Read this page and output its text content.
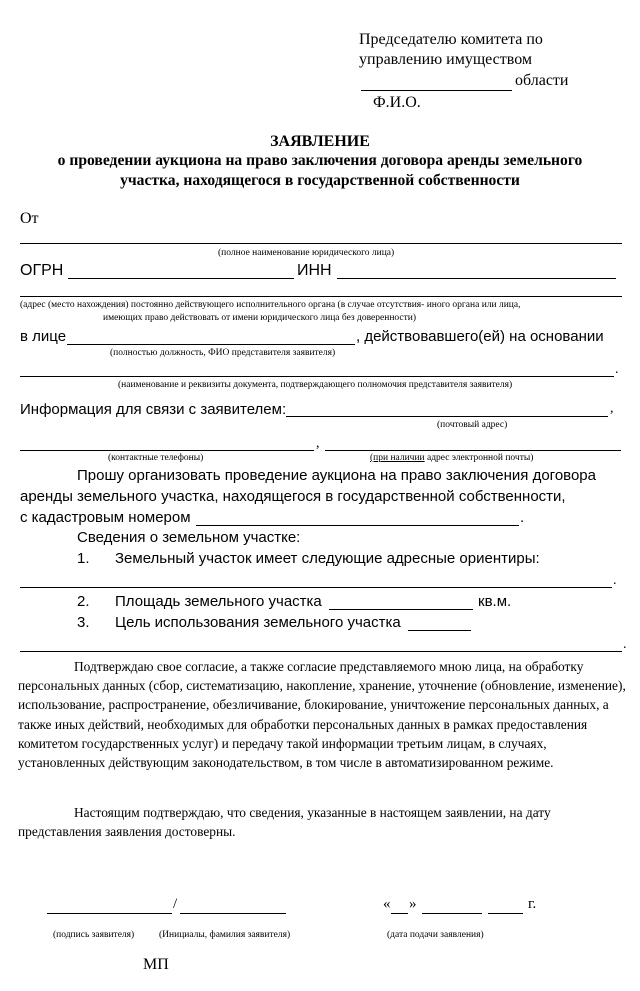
Председателю комитета по
управлению имуществом
области
Ф.И.О.
ЗАЯВЛЕНИЕ
о проведении аукциона на право заключения договора аренды земельного
участка, находящегося в государственной собственности
От
(полное наименование юридического лица)
ОГРН	ИНН
(адрес (место нахождения) постоянно действующего исполнительного органа (в случае отсутствия- иного органа или лица,
имеющих право действовать от имени юридического лица без доверенности)
в лице	, действовавшего(ей) на основании
(полностью должность, ФИО представителя заявителя)
.
(наименование и реквизиты документа, подтверждающего полномочия представителя заявителя)
Информация для связи с заявителем:	,
(почтовый адрес)
,
(контактные телефоны)	(при наличии адрес электронной почты)
Прошу организовать проведение аукциона на право заключения договора
аренды земельного участка, находящегося в государственной собственности,
с кадастровым номером	.
Сведения о земельном участке:
1. Земельный участок имеет следующие адресные ориентиры:
.
2. Площадь земельного участка	кв.м.
3. Цель использования земельного участка
.
Подтверждаю свое согласие, а также согласие представляемого мною лица, на обработку персональных данных (сбор, систематизацию, накопление, хранение, уточнение (обновление, изменение), использование, распространение, обезличивание, блокирование, уничтожение персональных данных, а также иных действий, необходимых для обработки персональных данных в рамках предоставления комитетом государственных услуг) и передачу такой информации третьим лицам, в случаях, установленных действующим законодательством, в том числе в автоматизированном режиме.
Настоящим подтверждаю, что сведения, указанные в настоящем заявлении, на дату представления заявления достоверны.
/	« »	г.
(подпись заявителя)	(Инициалы, фамилия заявителя)	(дата подачи заявления)
МП
